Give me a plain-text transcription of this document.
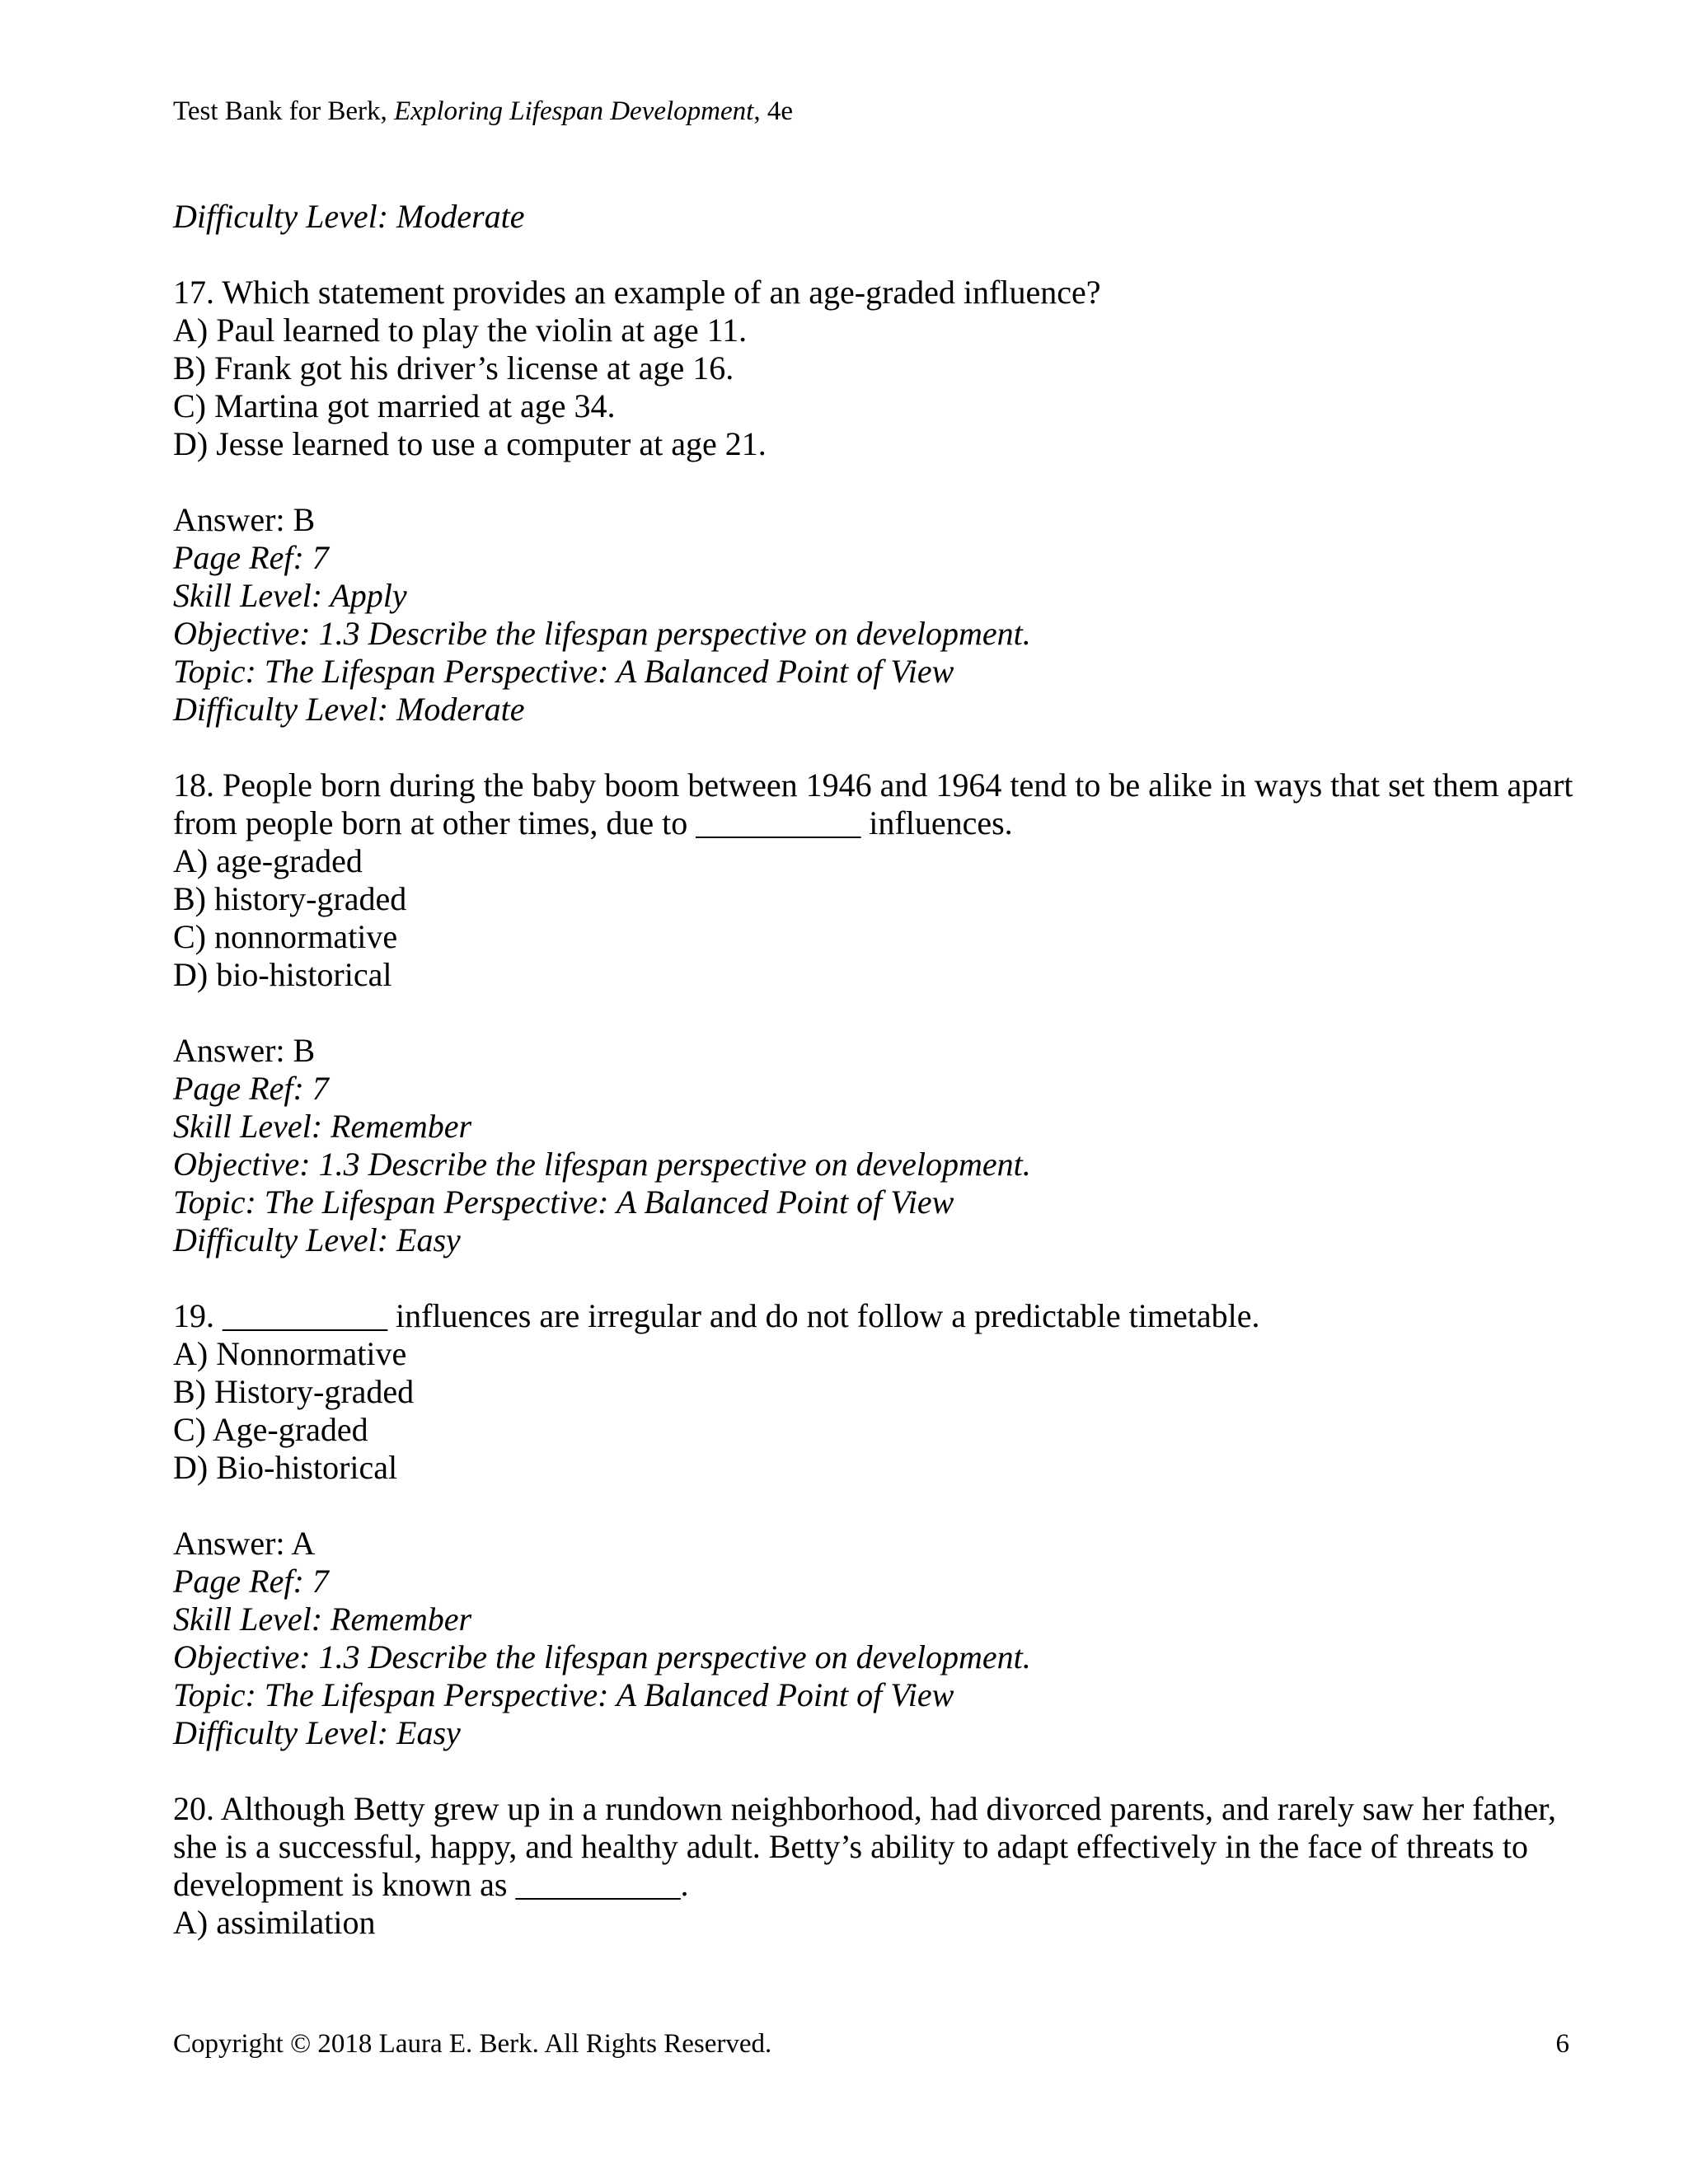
Test Bank for Berk, Exploring Lifespan Development, 4e
Difficulty Level: Moderate
17. Which statement provides an example of an age-graded influence?
A) Paul learned to play the violin at age 11.
B) Frank got his driver’s license at age 16.
C) Martina got married at age 34.
D) Jesse learned to use a computer at age 21.
Answer: B
Page Ref: 7
Skill Level: Apply
Objective: 1.3 Describe the lifespan perspective on development.
Topic: The Lifespan Perspective: A Balanced Point of View
Difficulty Level: Moderate
18. People born during the baby boom between 1946 and 1964 tend to be alike in ways that set them apart
from people born at other times, due to __________ influences.
A) age-graded
B) history-graded
C) nonnormative
D) bio-historical
Answer: B
Page Ref: 7
Skill Level: Remember
Objective: 1.3 Describe the lifespan perspective on development.
Topic: The Lifespan Perspective: A Balanced Point of View
Difficulty Level: Easy
19. __________ influences are irregular and do not follow a predictable timetable.
A) Nonnormative
B) History-graded
C) Age-graded
D) Bio-historical
Answer: A
Page Ref: 7
Skill Level: Remember
Objective: 1.3 Describe the lifespan perspective on development.
Topic: The Lifespan Perspective: A Balanced Point of View
Difficulty Level: Easy
20. Although Betty grew up in a rundown neighborhood, had divorced parents, and rarely saw her father,
she is a successful, happy, and healthy adult. Betty’s ability to adapt effectively in the face of threats to
development is known as __________.
A) assimilation
Copyright © 2018 Laura E. Berk. All Rights Reserved.	6
